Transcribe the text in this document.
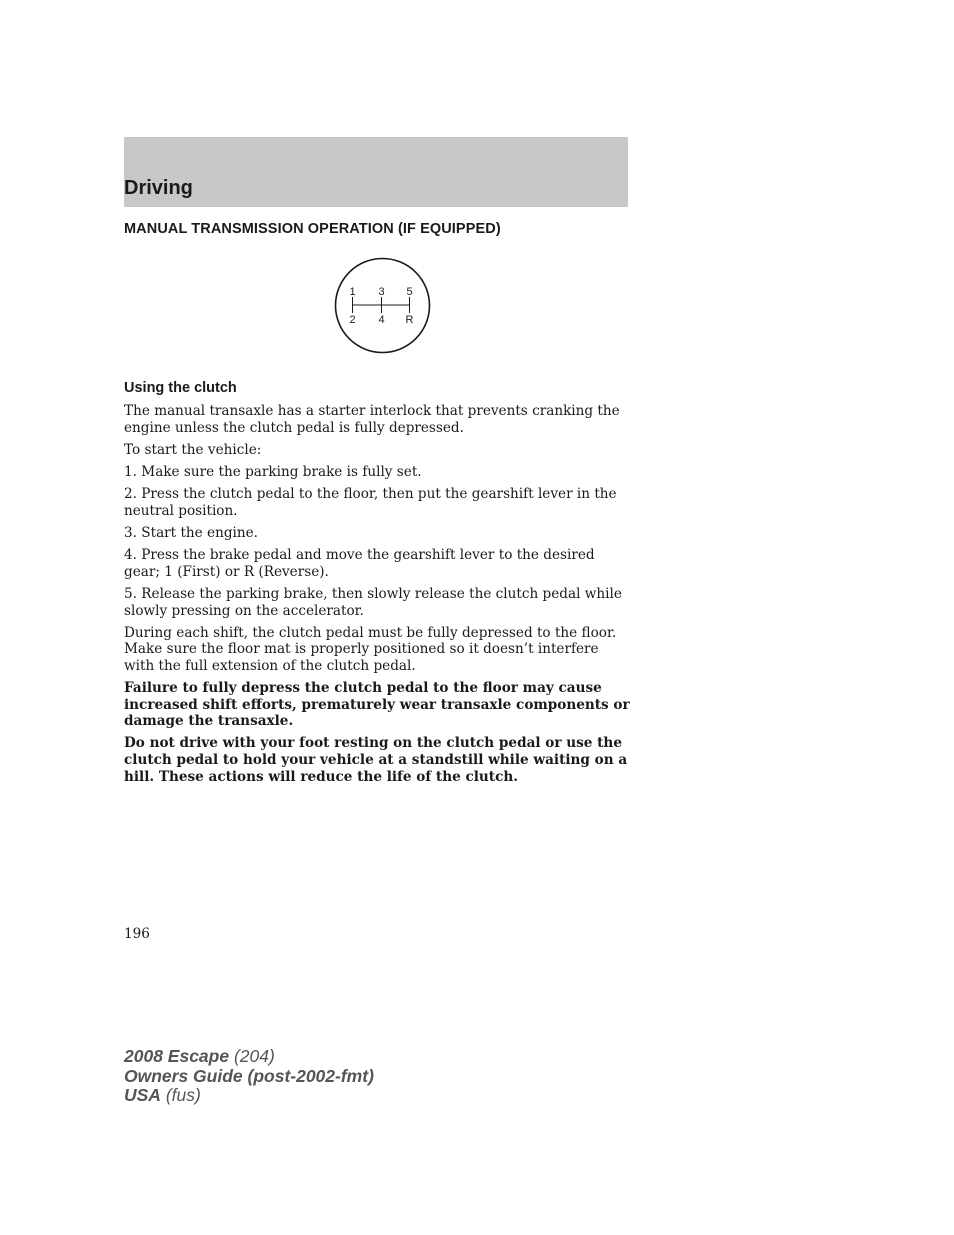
Driving
MANUAL TRANSMISSION OPERATION (IF EQUIPPED)
1 3 5
2 4 R
Using the clutch

The manual transaxle has a starter interlock that prevents cranking the engine unless the clutch pedal is fully depressed.

To start the vehicle:

1. Make sure the parking brake is fully set.

2. Press the clutch pedal to the floor, then put the gearshift lever in the neutral position.

3. Start the engine.

4. Press the brake pedal and move the gearshift lever to the desired gear; 1 (First) or R (Reverse).

5. Release the parking brake, then slowly release the clutch pedal while slowly pressing on the accelerator.

During each shift, the clutch pedal must be fully depressed to the floor. Make sure the floor mat is properly positioned so it doesn’t interfere with the full extension of the clutch pedal.

Failure to fully depress the clutch pedal to the floor may cause increased shift efforts, prematurely wear transaxle components or damage the transaxle.

Do not drive with your foot resting on the clutch pedal or use the clutch pedal to hold your vehicle at a standstill while waiting on a hill. These actions will reduce the life of the clutch.

196
2008 Escape (204)
Owners Guide (post-2002-fmt)
USA (fus)
